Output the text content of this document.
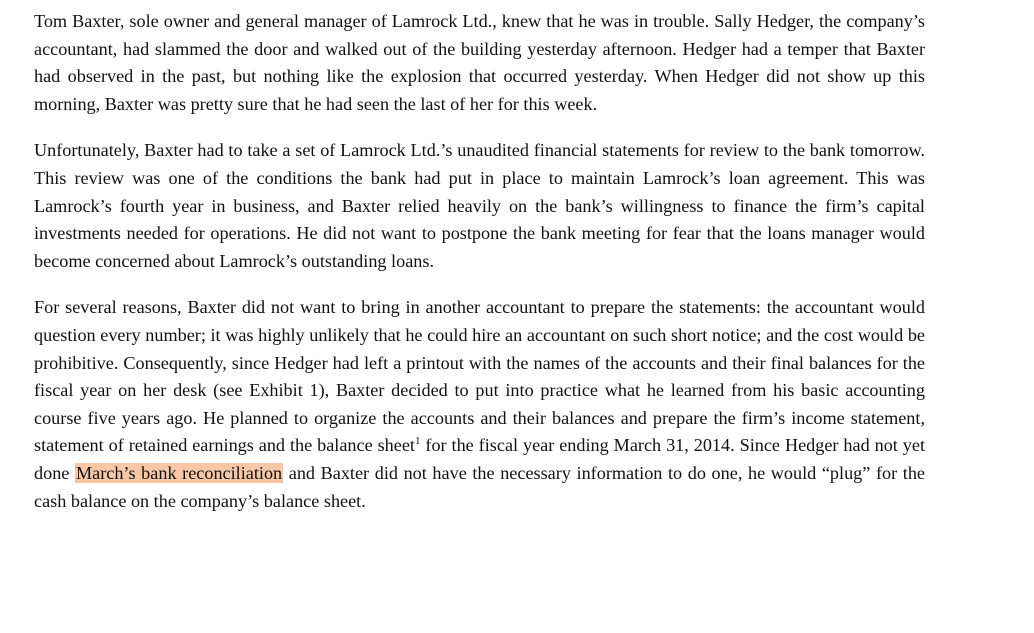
Tom Baxter, sole owner and general manager of Lamrock Ltd., knew that he was in trouble. Sally Hedger, the company’s accountant, had slammed the door and walked out of the building yesterday afternoon. Hedger had a temper that Baxter had observed in the past, but nothing like the explosion that occurred yesterday. When Hedger did not show up this morning, Baxter was pretty sure that he had seen the last of her for this week.

Unfortunately, Baxter had to take a set of Lamrock Ltd.’s unaudited financial statements for review to the bank tomorrow. This review was one of the conditions the bank had put in place to maintain Lamrock’s loan agreement. This was Lamrock’s fourth year in business, and Baxter relied heavily on the bank’s willingness to finance the firm’s capital investments needed for operations. He did not want to postpone the bank meeting for fear that the loans manager would become concerned about Lamrock’s outstanding loans.

For several reasons, Baxter did not want to bring in another accountant to prepare the statements: the accountant would question every number; it was highly unlikely that he could hire an accountant on such short notice; and the cost would be prohibitive. Consequently, since Hedger had left a printout with the names of the accounts and their final balances for the fiscal year on her desk (see Exhibit 1), Baxter decided to put into practice what he learned from his basic accounting course five years ago. He planned to organize the accounts and their balances and prepare the firm’s income statement, statement of retained earnings and the balance sheet$^1$ for the fiscal year ending March 31, 2014. Since Hedger had not yet done March’s bank reconciliation and Baxter did not have the necessary information to do one, he would “plug” for the cash balance on the company’s balance sheet.
